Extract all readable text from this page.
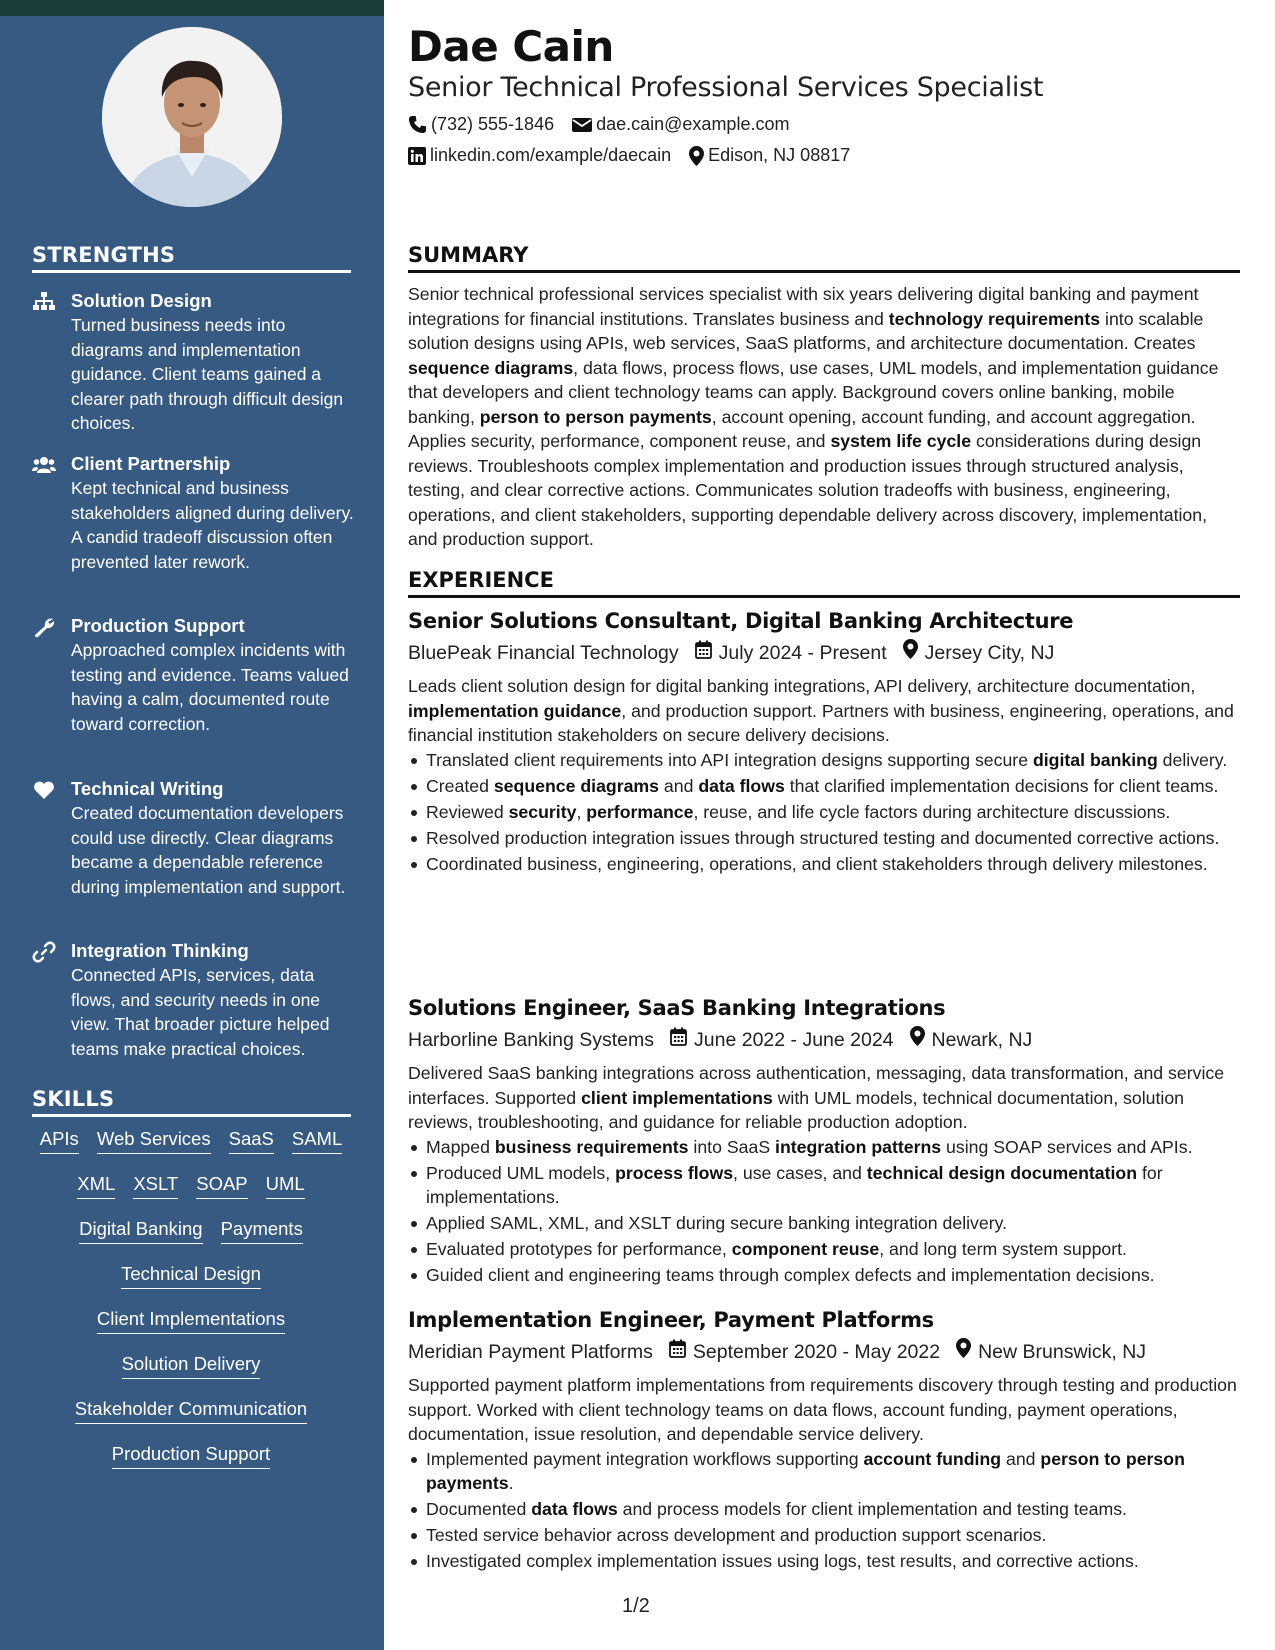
STRENGTHS
Solution Design
Turned business needs into diagrams and implementation guidance. Client teams gained a clearer path through difficult design choices.
Client Partnership
Kept technical and business stakeholders aligned during delivery. A candid tradeoff discussion often prevented later rework.
Production Support
Approached complex incidents with testing and evidence. Teams valued having a calm, documented route toward correction.
Technical Writing
Created documentation developers could use directly. Clear diagrams became a dependable reference during implementation and support.
Integration Thinking
Connected APIs, services, data flows, and security needs in one view. That broader picture helped teams make practical choices.
SKILLS
APIs Web Services SaaS SAML
XML XSLT SOAP UML
Digital Banking Payments
Technical Design
Client Implementations
Solution Delivery
Stakeholder Communication
Production Support
Dae Cain
Senior Technical Professional Services Specialist
(732) 555-1846 dae.cain@example.com
linkedin.com/example/daecain Edison, NJ 08817
SUMMARY
Senior technical professional services specialist with six years delivering digital banking and payment integrations for financial institutions. Translates business and technology requirements into scalable solution designs using APIs, web services, SaaS platforms, and architecture documentation. Creates sequence diagrams, data flows, process flows, use cases, UML models, and implementation guidance that developers and client technology teams can apply. Background covers online banking, mobile banking, person to person payments, account opening, account funding, and account aggregation. Applies security, performance, component reuse, and system life cycle considerations during design reviews. Troubleshoots complex implementation and production issues through structured analysis, testing, and clear corrective actions. Communicates solution tradeoffs with business, engineering, operations, and client stakeholders, supporting dependable delivery across discovery, implementation, and production support.
EXPERIENCE
Senior Solutions Consultant, Digital Banking Architecture
BluePeak Financial Technology July 2024 - Present Jersey City, NJ
Leads client solution design for digital banking integrations, API delivery, architecture documentation, implementation guidance, and production support. Partners with business, engineering, operations, and financial institution stakeholders on secure delivery decisions.
Translated client requirements into API integration designs supporting secure digital banking delivery.
Created sequence diagrams and data flows that clarified implementation decisions for client teams.
Reviewed security, performance, reuse, and life cycle factors during architecture discussions.
Resolved production integration issues through structured testing and documented corrective actions.
Coordinated business, engineering, operations, and client stakeholders through delivery milestones.
Solutions Engineer, SaaS Banking Integrations
Harborline Banking Systems June 2022 - June 2024 Newark, NJ
Delivered SaaS banking integrations across authentication, messaging, data transformation, and service interfaces. Supported client implementations with UML models, technical documentation, solution reviews, troubleshooting, and guidance for reliable production adoption.
Mapped business requirements into SaaS integration patterns using SOAP services and APIs.
Produced UML models, process flows, use cases, and technical design documentation for implementations.
Applied SAML, XML, and XSLT during secure banking integration delivery.
Evaluated prototypes for performance, component reuse, and long term system support.
Guided client and engineering teams through complex defects and implementation decisions.
Implementation Engineer, Payment Platforms
Meridian Payment Platforms September 2020 - May 2022 New Brunswick, NJ
Supported payment platform implementations from requirements discovery through testing and production support. Worked with client technology teams on data flows, account funding, payment operations, documentation, issue resolution, and dependable service delivery.
Implemented payment integration workflows supporting account funding and person to person payments.
Documented data flows and process models for client implementation and testing teams.
Tested service behavior across development and production support scenarios.
Investigated complex implementation issues using logs, test results, and corrective actions.
1/2
